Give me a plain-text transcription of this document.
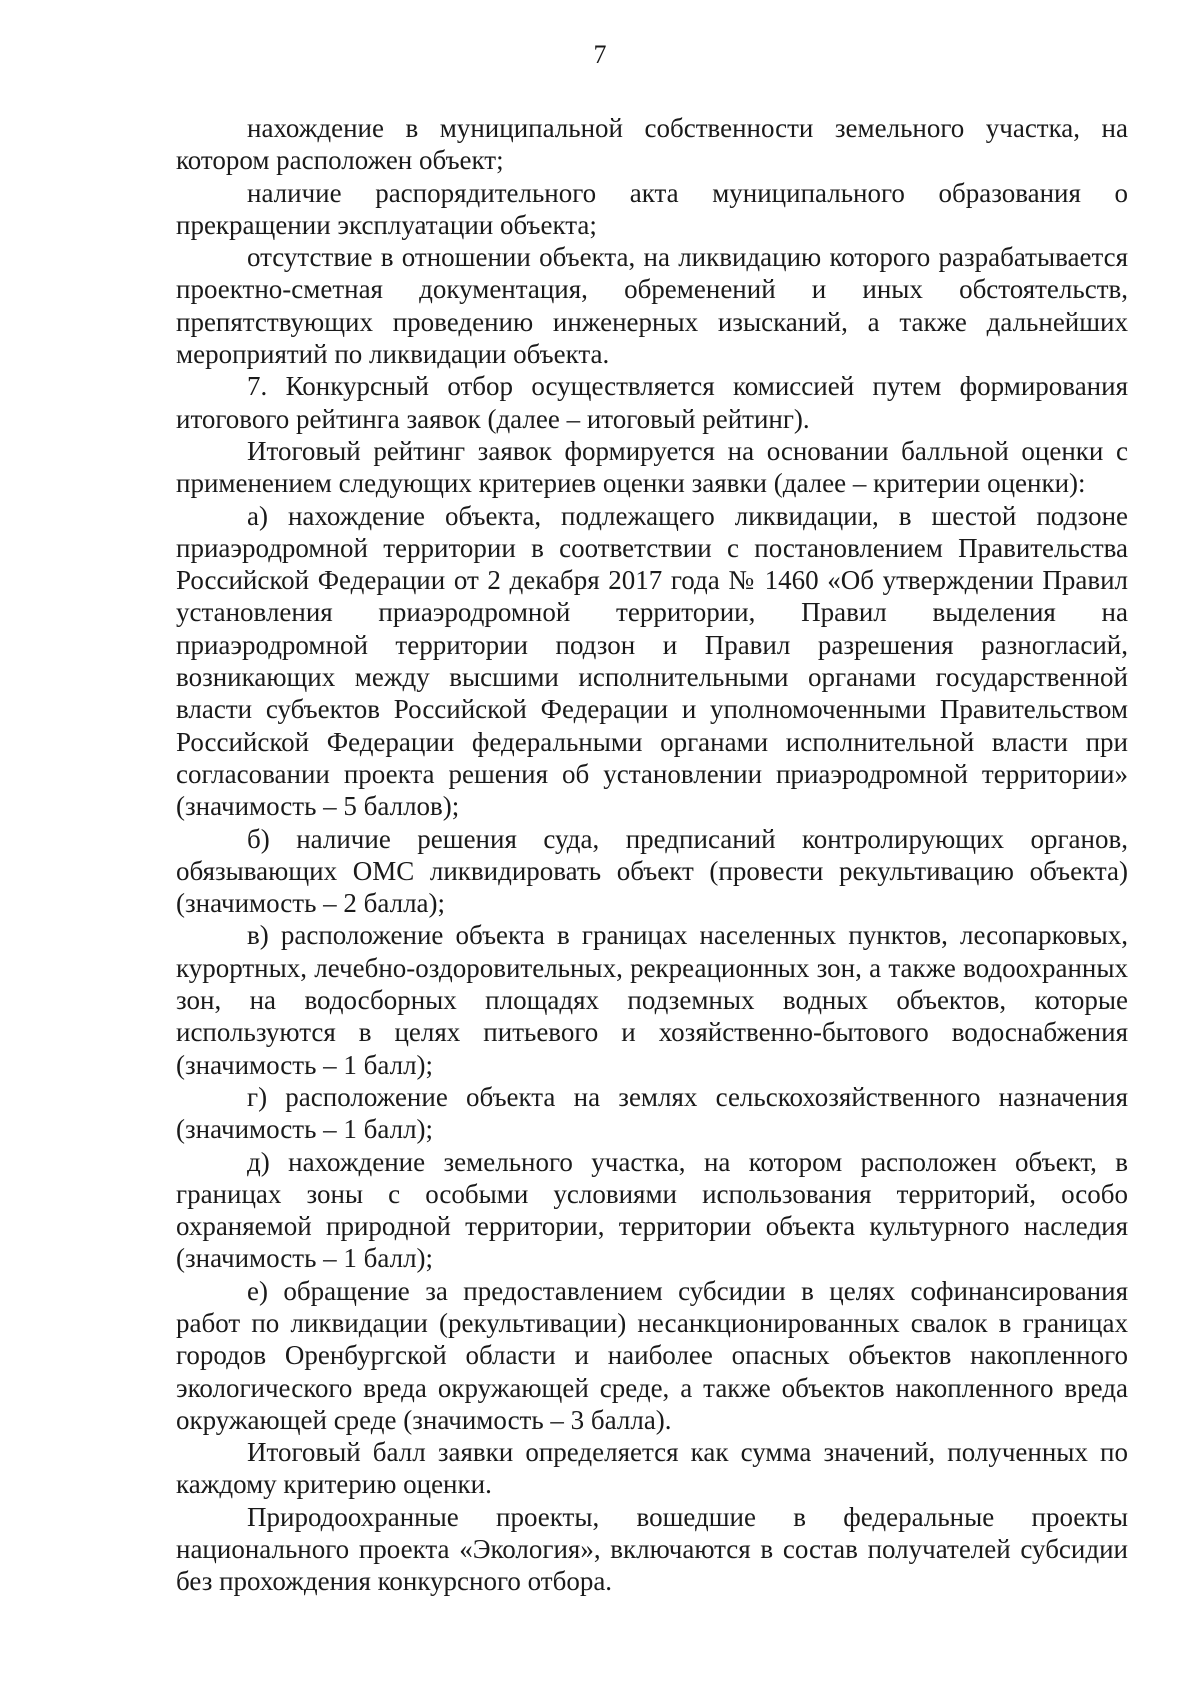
7

нахождение в муниципальной собственности земельного участка, на котором расположен объект;

наличие распорядительного акта муниципального образования о прекращении эксплуатации объекта;

отсутствие в отношении объекта, на ликвидацию которого разрабатывается проектно-сметная документация, обременений и иных обстоятельств, препятствующих проведению инженерных изысканий, а также дальнейших мероприятий по ликвидации объекта.

7. Конкурсный отбор осуществляется комиссией путем формирования итогового рейтинга заявок (далее – итоговый рейтинг).

Итоговый рейтинг заявок формируется на основании балльной оценки с применением следующих критериев оценки заявки (далее – критерии оценки):

а) нахождение объекта, подлежащего ликвидации, в шестой подзоне приаэродромной территории в соответствии с постановлением Правительства Российской Федерации от 2 декабря 2017 года № 1460 «Об утверждении Правил установления приаэродромной территории, Правил выделения на приаэродромной территории подзон и Правил разрешения разногласий, возникающих между высшими исполнительными органами государственной власти субъектов Российской Федерации и уполномоченными Правительством Российской Федерации федеральными органами исполнительной власти при согласовании проекта решения об установлении приаэродромной территории» (значимость – 5 баллов);

б) наличие решения суда, предписаний контролирующих органов, обязывающих ОМС ликвидировать объект (провести рекультивацию объекта) (значимость – 2 балла);

в) расположение объекта в границах населенных пунктов, лесопарковых, курортных, лечебно-оздоровительных, рекреационных зон, а также водоохранных зон, на водосборных площадях подземных водных объектов, которые используются в целях питьевого и хозяйственно-бытового водоснабжения (значимость – 1 балл);

г) расположение объекта на землях сельскохозяйственного назначения (значимость – 1 балл);

д) нахождение земельного участка, на котором расположен объект, в границах зоны с особыми условиями использования территорий, особо охраняемой природной территории, территории объекта культурного наследия (значимость – 1 балл);

е) обращение за предоставлением субсидии в целях софинансирования работ по ликвидации (рекультивации) несанкционированных свалок в границах городов Оренбургской области и наиболее опасных объектов накопленного экологического вреда окружающей среде, а также объектов накопленного вреда окружающей среде (значимость – 3 балла).

Итоговый балл заявки определяется как сумма значений, полученных по каждому критерию оценки.

Природоохранные проекты, вошедшие в федеральные проекты национального проекта «Экология», включаются в состав получателей субсидии без прохождения конкурсного отбора.
